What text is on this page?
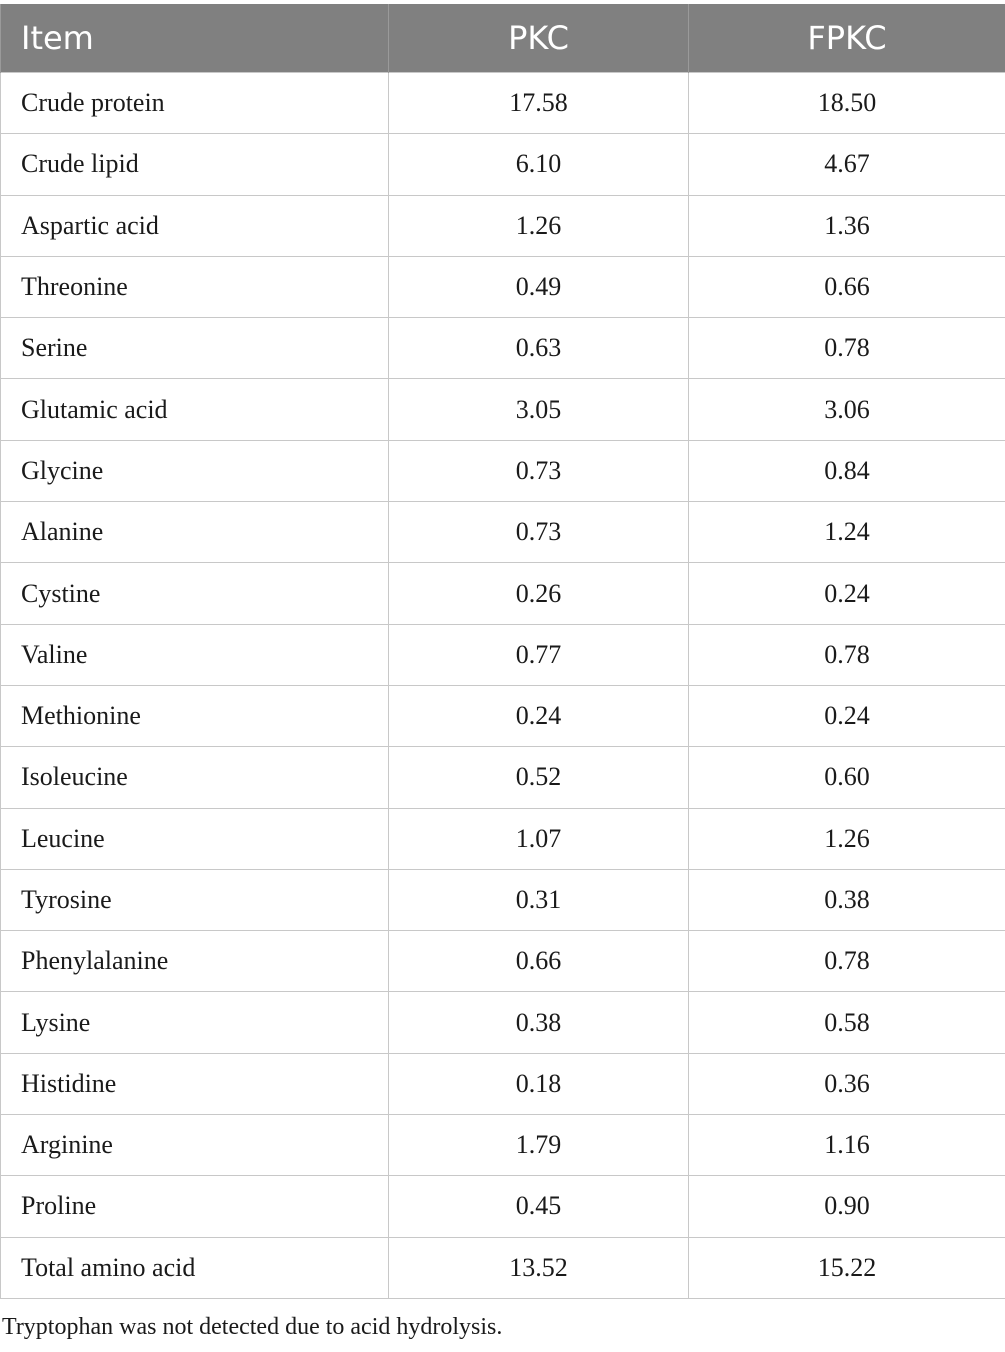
Item	PKC	FPKC
Crude protein	17.58	18.50
Crude lipid	6.10	4.67
Aspartic acid	1.26	1.36
Threonine	0.49	0.66
Serine	0.63	0.78
Glutamic acid	3.05	3.06
Glycine	0.73	0.84
Alanine	0.73	1.24
Cystine	0.26	0.24
Valine	0.77	0.78
Methionine	0.24	0.24
Isoleucine	0.52	0.60
Leucine	1.07	1.26
Tyrosine	0.31	0.38
Phenylalanine	0.66	0.78
Lysine	0.38	0.58
Histidine	0.18	0.36
Arginine	1.79	1.16
Proline	0.45	0.90
Total amino acid	13.52	15.22
Tryptophan was not detected due to acid hydrolysis.
